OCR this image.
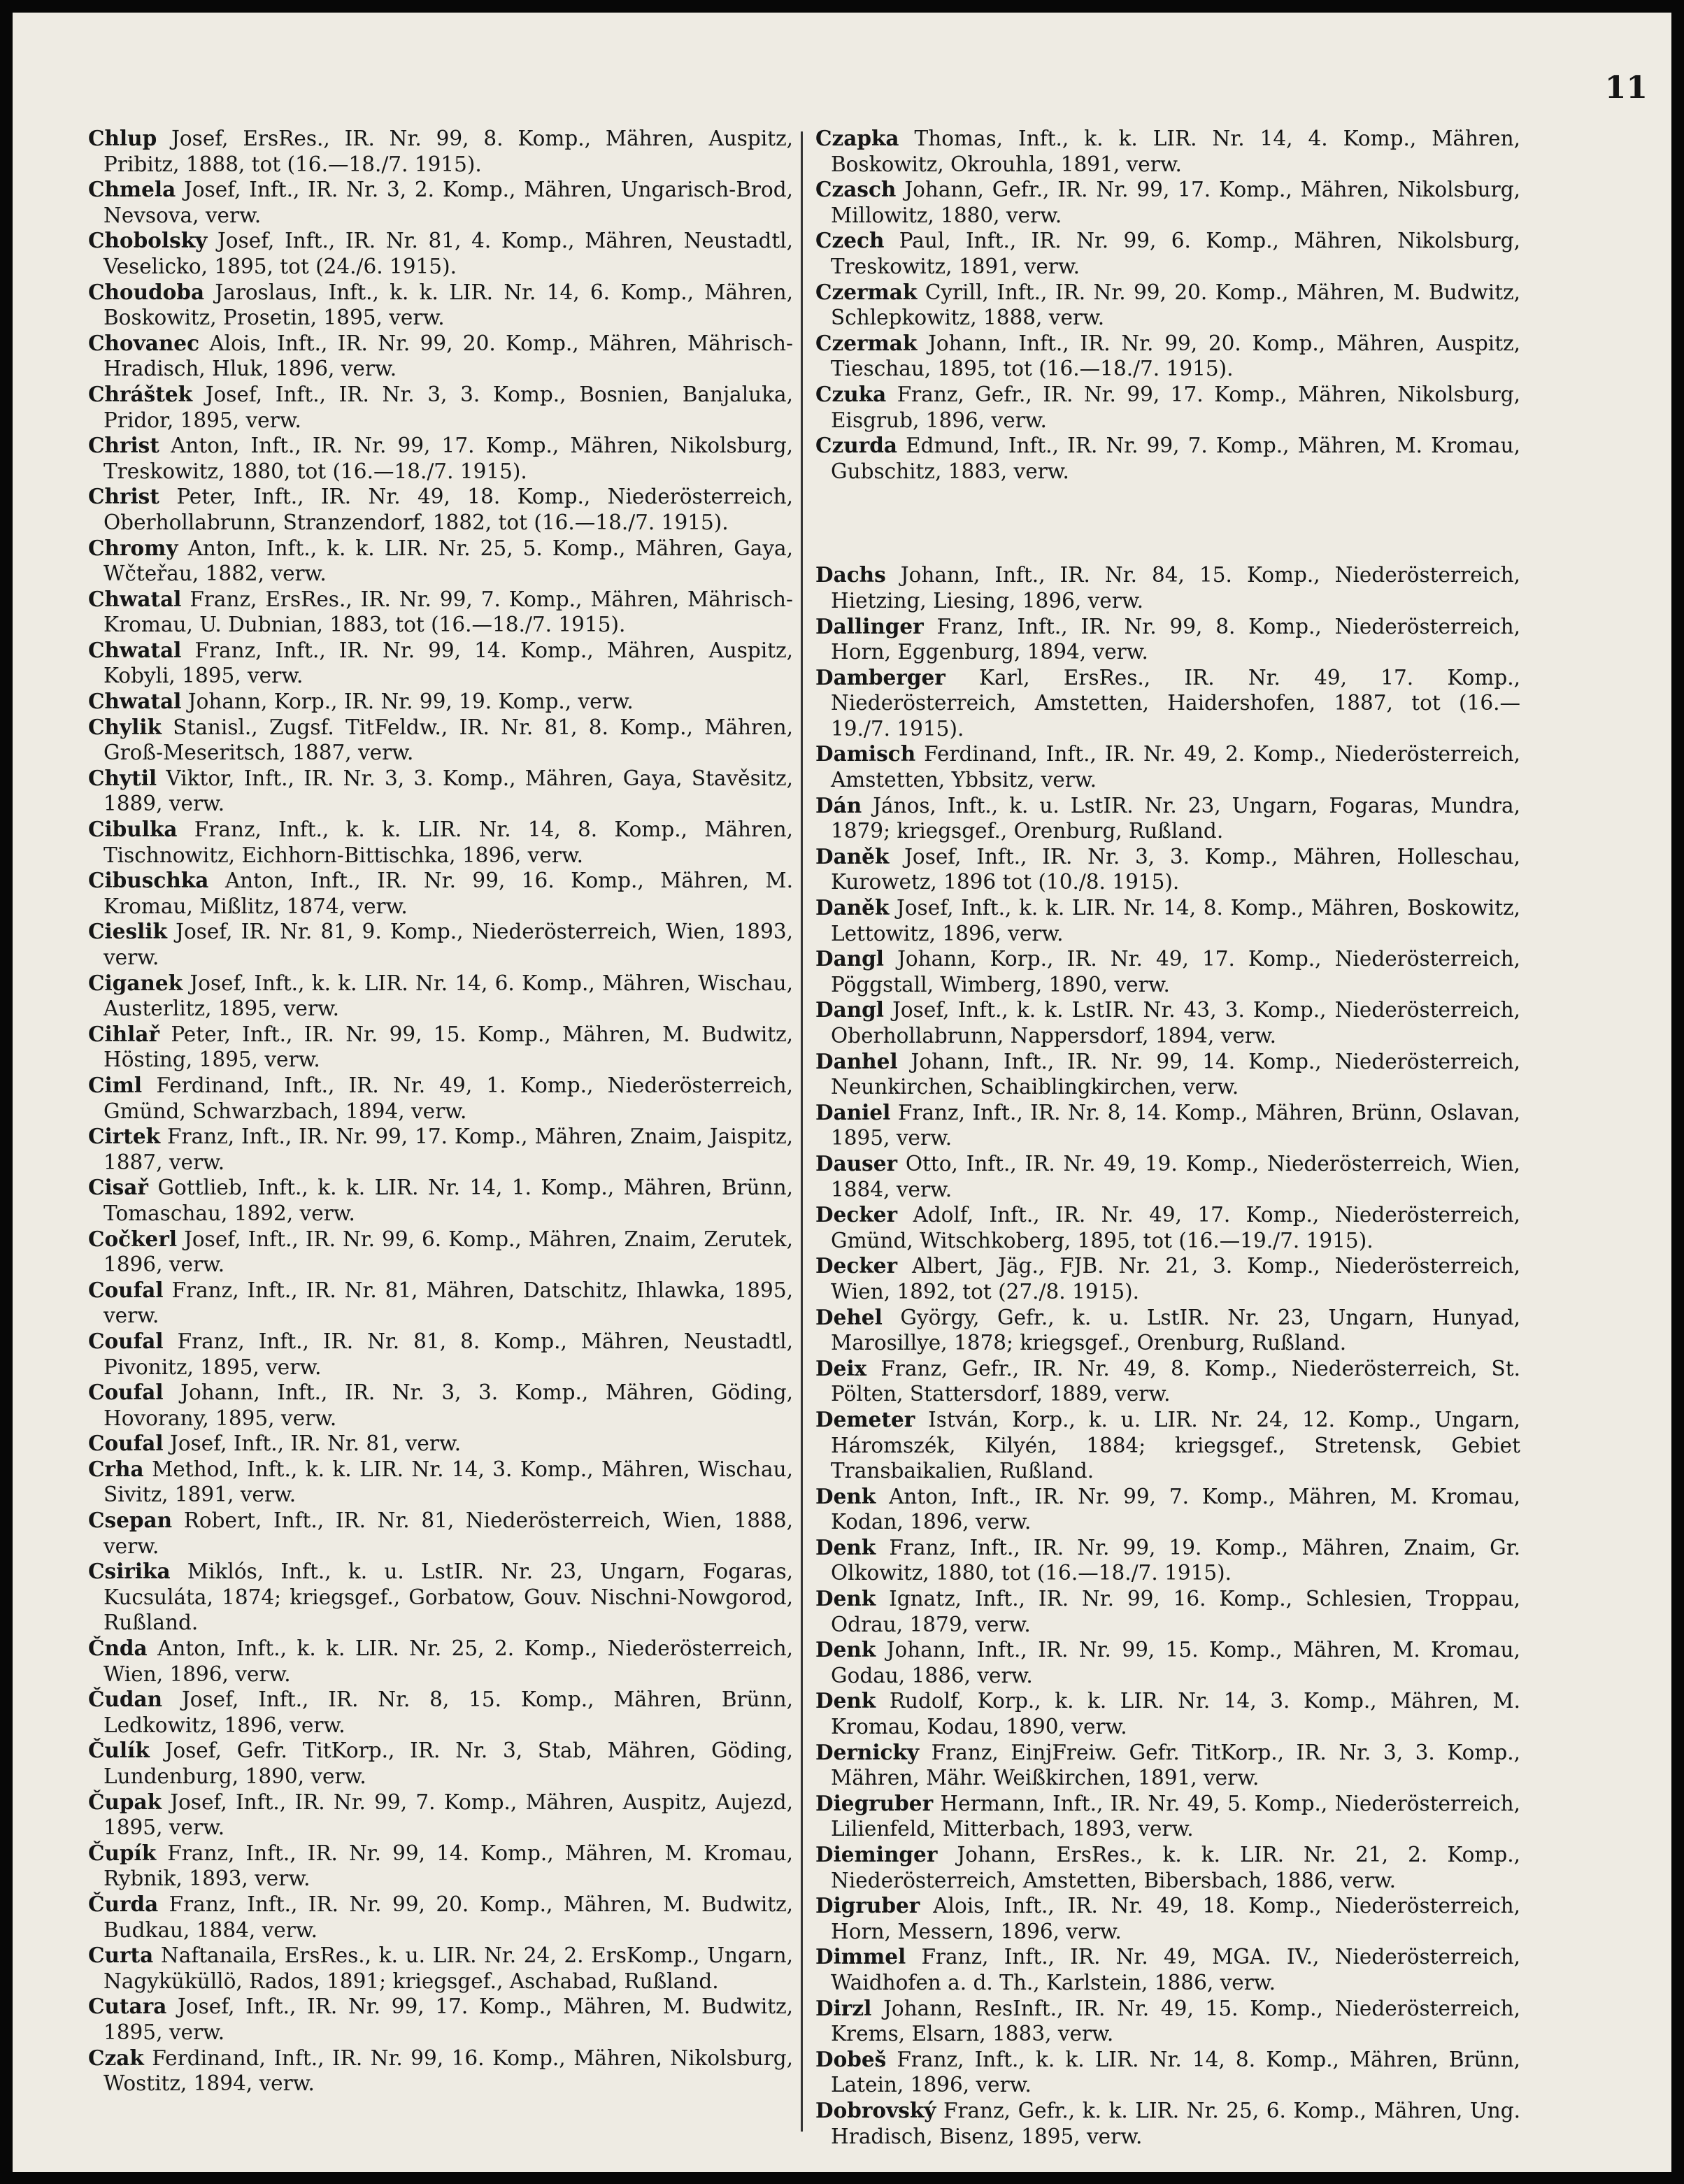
11

Chlup Josef, ErsRes., IR. Nr. 99, 8. Komp., Mähren, Auspitz, Pribitz, 1888, tot (16.—18./7. 1915).

Chmela Josef, Inft., IR. Nr. 3, 2. Komp., Mähren, Ungarisch-Brod, Nevsova, verw.

Chobolsky Josef, Inft., IR. Nr. 81, 4. Komp., Mähren, Neustadtl, Veselicko, 1895, tot (24./6. 1915).

Choudoba Jaroslaus, Inft., k. k. LIR. Nr. 14, 6. Komp., Mähren, Boskowitz, Prosetin, 1895, verw.

Chovanec Alois, Inft., IR. Nr. 99, 20. Komp., Mähren, Mährisch-Hradisch, Hluk, 1896, verw.

Chráštek Josef, Inft., IR. Nr. 3, 3. Komp., Bosnien, Banjaluka, Pridor, 1895, verw.

Christ Anton, Inft., IR. Nr. 99, 17. Komp., Mähren, Nikolsburg, Treskowitz, 1880, tot (16.—18./7. 1915).

Christ Peter, Inft., IR. Nr. 49, 18. Komp., Niederösterreich, Oberhollabrunn, Stranzendorf, 1882, tot (16.—18./7. 1915).

Chromy Anton, Inft., k. k. LIR. Nr. 25, 5. Komp., Mähren, Gaya, Wčteřau, 1882, verw.

Chwatal Franz, ErsRes., IR. Nr. 99, 7. Komp., Mähren, Mährisch-Kromau, U. Dubnian, 1883, tot (16.—18./7. 1915).

Chwatal Franz, Inft., IR. Nr. 99, 14. Komp., Mähren, Auspitz, Kobyli, 1895, verw.

Chwatal Johann, Korp., IR. Nr. 99, 19. Komp., verw.

Chylik Stanisl., Zugsf. TitFeldw., IR. Nr. 81, 8. Komp., Mähren, Groß-Meseritsch, 1887, verw.

Chytil Viktor, Inft., IR. Nr. 3, 3. Komp., Mähren, Gaya, Stavěsitz, 1889, verw.

Cibulka Franz, Inft., k. k. LIR. Nr. 14, 8. Komp., Mähren, Tischnowitz, Eichhorn-Bittischka, 1896, verw.

Cibuschka Anton, Inft., IR. Nr. 99, 16. Komp., Mähren, M. Kromau, Mißlitz, 1874, verw.

Cieslik Josef, IR. Nr. 81, 9. Komp., Niederösterreich, Wien, 1893, verw.

Ciganek Josef, Inft., k. k. LIR. Nr. 14, 6. Komp., Mähren, Wischau, Austerlitz, 1895, verw.

Cihlař Peter, Inft., IR. Nr. 99, 15. Komp., Mähren, M. Budwitz, Hösting, 1895, verw.

Ciml Ferdinand, Inft., IR. Nr. 49, 1. Komp., Niederösterreich, Gmünd, Schwarzbach, 1894, verw.

Cirtek Franz, Inft., IR. Nr. 99, 17. Komp., Mähren, Znaim, Jaispitz, 1887, verw.

Cisař Gottlieb, Inft., k. k. LIR. Nr. 14, 1. Komp., Mähren, Brünn, Tomaschau, 1892, verw.

Cočkerl Josef, Inft., IR. Nr. 99, 6. Komp., Mähren, Znaim, Zerutek, 1896, verw.

Coufal Franz, Inft., IR. Nr. 81, Mähren, Datschitz, Ihlawka, 1895, verw.

Coufal Franz, Inft., IR. Nr. 81, 8. Komp., Mähren, Neustadtl, Pivonitz, 1895, verw.

Coufal Johann, Inft., IR. Nr. 3, 3. Komp., Mähren, Göding, Hovorany, 1895, verw.

Coufal Josef, Inft., IR. Nr. 81, verw.

Crha Method, Inft., k. k. LIR. Nr. 14, 3. Komp., Mähren, Wischau, Sivitz, 1891, verw.

Csepan Robert, Inft., IR. Nr. 81, Niederösterreich, Wien, 1888, verw.

Csirika Miklós, Inft., k. u. LstIR. Nr. 23, Ungarn, Fogaras, Kucsuláta, 1874; kriegsgef., Gorbatow, Gouv. Nischni-Nowgorod, Rußland.

Čnda Anton, Inft., k. k. LIR. Nr. 25, 2. Komp., Niederösterreich, Wien, 1896, verw.

Čudan Josef, Inft., IR. Nr. 8, 15. Komp., Mähren, Brünn, Ledkowitz, 1896, verw.

Čulík Josef, Gefr. TitKorp., IR. Nr. 3, Stab, Mähren, Göding, Lundenburg, 1890, verw.

Čupak Josef, Inft., IR. Nr. 99, 7. Komp., Mähren, Auspitz, Aujezd, 1895, verw.

Čupík Franz, Inft., IR. Nr. 99, 14. Komp., Mähren, M. Kromau, Rybnik, 1893, verw.

Čurda Franz, Inft., IR. Nr. 99, 20. Komp., Mähren, M. Budwitz, Budkau, 1884, verw.

Curta Naftanaila, ErsRes., k. u. LIR. Nr. 24, 2. ErsKomp., Ungarn, Nagyküküllö, Rados, 1891; kriegsgef., Aschabad, Rußland.

Cutara Josef, Inft., IR. Nr. 99, 17. Komp., Mähren, M. Budwitz, 1895, verw.

Czak Ferdinand, Inft., IR. Nr. 99, 16. Komp., Mähren, Nikolsburg, Wostitz, 1894, verw.

Czapka Thomas, Inft., k. k. LIR. Nr. 14, 4. Komp., Mähren, Boskowitz, Okrouhla, 1891, verw.

Czasch Johann, Gefr., IR. Nr. 99, 17. Komp., Mähren, Nikolsburg, Millowitz, 1880, verw.

Czech Paul, Inft., IR. Nr. 99, 6. Komp., Mähren, Nikolsburg, Treskowitz, 1891, verw.

Czermak Cyrill, Inft., IR. Nr. 99, 20. Komp., Mähren, M. Budwitz, Schlepkowitz, 1888, verw.

Czermak Johann, Inft., IR. Nr. 99, 20. Komp., Mähren, Auspitz, Tieschau, 1895, tot (16.—18./7. 1915).

Czuka Franz, Gefr., IR. Nr. 99, 17. Komp., Mähren, Nikolsburg, Eisgrub, 1896, verw.

Czurda Edmund, Inft., IR. Nr. 99, 7. Komp., Mähren, M. Kromau, Gubschitz, 1883, verw.

Dachs Johann, Inft., IR. Nr. 84, 15. Komp., Niederösterreich, Hietzing, Liesing, 1896, verw.

Dallinger Franz, Inft., IR. Nr. 99, 8. Komp., Niederösterreich, Horn, Eggenburg, 1894, verw.

Damberger Karl, ErsRes., IR. Nr. 49, 17. Komp., Niederösterreich, Amstetten, Haidershofen, 1887, tot (16.—19./7. 1915).

Damisch Ferdinand, Inft., IR. Nr. 49, 2. Komp., Niederösterreich, Amstetten, Ybbsitz, verw.

Dán János, Inft., k. u. LstIR. Nr. 23, Ungarn, Fogaras, Mundra, 1879; kriegsgef., Orenburg, Rußland.

Daněk Josef, Inft., IR. Nr. 3, 3. Komp., Mähren, Holleschau, Kurowetz, 1896 tot (10./8. 1915).

Daněk Josef, Inft., k. k. LIR. Nr. 14, 8. Komp., Mähren, Boskowitz, Lettowitz, 1896, verw.

Dangl Johann, Korp., IR. Nr. 49, 17. Komp., Niederösterreich, Pöggstall, Wimberg, 1890, verw.

Dangl Josef, Inft., k. k. LstIR. Nr. 43, 3. Komp., Niederösterreich, Oberhollabrunn, Nappersdorf, 1894, verw.

Danhel Johann, Inft., IR. Nr. 99, 14. Komp., Niederösterreich, Neunkirchen, Schaiblingkirchen, verw.

Daniel Franz, Inft., IR. Nr. 8, 14. Komp., Mähren, Brünn, Oslavan, 1895, verw.

Dauser Otto, Inft., IR. Nr. 49, 19. Komp., Niederösterreich, Wien, 1884, verw.

Decker Adolf, Inft., IR. Nr. 49, 17. Komp., Niederösterreich, Gmünd, Witschkoberg, 1895, tot (16.—19./7. 1915).

Decker Albert, Jäg., FJB. Nr. 21, 3. Komp., Niederösterreich, Wien, 1892, tot (27./8. 1915).

Dehel György, Gefr., k. u. LstIR. Nr. 23, Ungarn, Hunyad, Marosillye, 1878; kriegsgef., Orenburg, Rußland.

Deix Franz, Gefr., IR. Nr. 49, 8. Komp., Niederösterreich, St. Pölten, Stattersdorf, 1889, verw.

Demeter István, Korp., k. u. LIR. Nr. 24, 12. Komp., Ungarn, Háromszék, Kilyén, 1884; kriegsgef., Stretensk, Gebiet Transbaikalien, Rußland.

Denk Anton, Inft., IR. Nr. 99, 7. Komp., Mähren, M. Kromau, Kodan, 1896, verw.

Denk Franz, Inft., IR. Nr. 99, 19. Komp., Mähren, Znaim, Gr. Olkowitz, 1880, tot (16.—18./7. 1915).

Denk Ignatz, Inft., IR. Nr. 99, 16. Komp., Schlesien, Troppau, Odrau, 1879, verw.

Denk Johann, Inft., IR. Nr. 99, 15. Komp., Mähren, M. Kromau, Godau, 1886, verw.

Denk Rudolf, Korp., k. k. LIR. Nr. 14, 3. Komp., Mähren, M. Kromau, Kodau, 1890, verw.

Dernicky Franz, EinjFreiw. Gefr. TitKorp., IR. Nr. 3, 3. Komp., Mähren, Mähr. Weißkirchen, 1891, verw.

Diegruber Hermann, Inft., IR. Nr. 49, 5. Komp., Niederösterreich, Lilienfeld, Mitterbach, 1893, verw.

Dieminger Johann, ErsRes., k. k. LIR. Nr. 21, 2. Komp., Niederösterreich, Amstetten, Bibersbach, 1886, verw.

Digruber Alois, Inft., IR. Nr. 49, 18. Komp., Niederösterreich, Horn, Messern, 1896, verw.

Dimmel Franz, Inft., IR. Nr. 49, MGA. IV., Niederösterreich, Waidhofen a. d. Th., Karlstein, 1886, verw.

Dirzl Johann, ResInft., IR. Nr. 49, 15. Komp., Niederösterreich, Krems, Elsarn, 1883, verw.

Dobeš Franz, Inft., k. k. LIR. Nr. 14, 8. Komp., Mähren, Brünn, Latein, 1896, verw.

Dobrovský Franz, Gefr., k. k. LIR. Nr. 25, 6. Komp., Mähren, Ung. Hradisch, Bisenz, 1895, verw.
